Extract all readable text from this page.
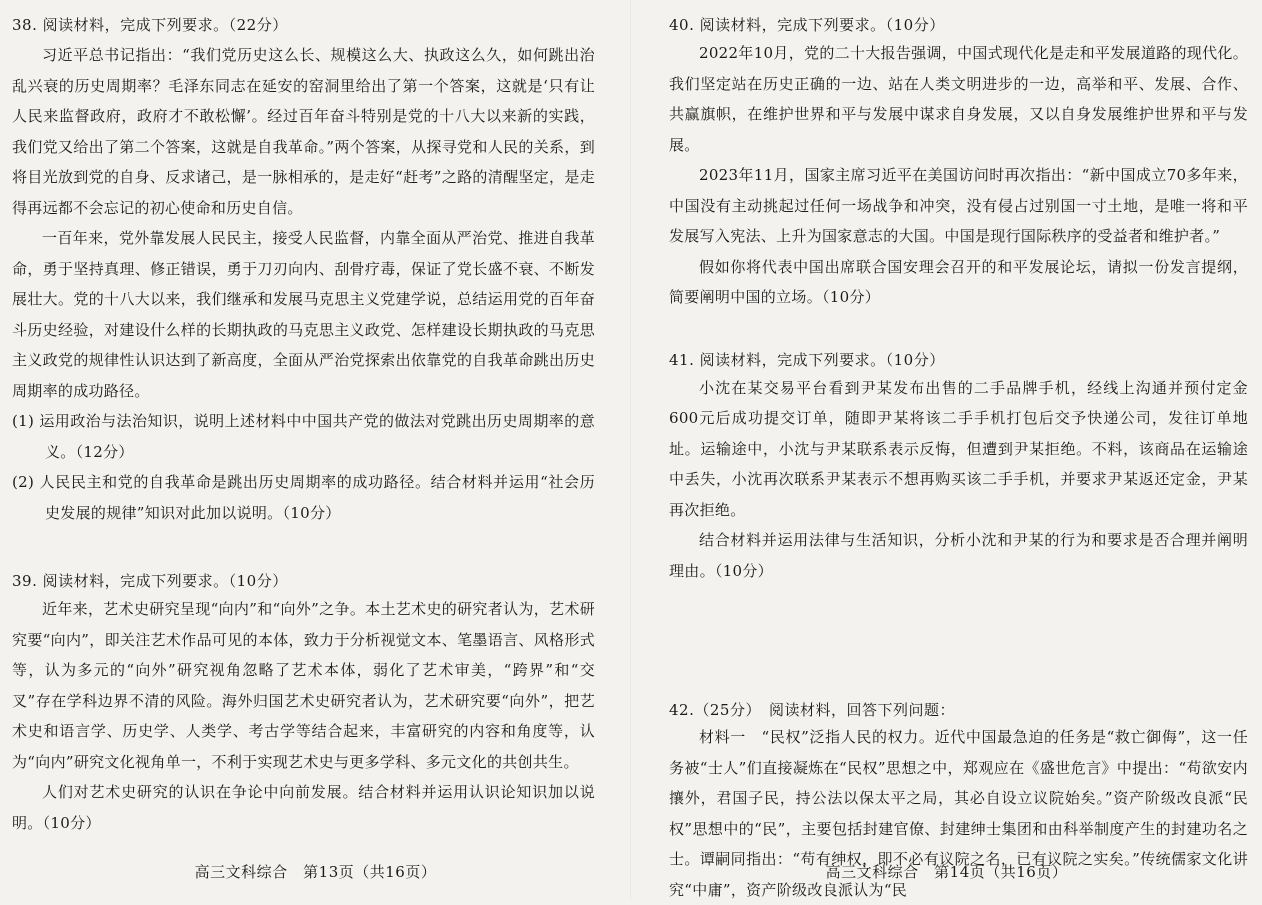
38. 阅读材料，完成下列要求。（22分）

习近平总书记指出：“我们党历史这么长、规模这么大、执政这么久，如何跳出治乱兴衰的历史周期率？毛泽东同志在延安的窑洞里给出了第一个答案，这就是‘只有让人民来监督政府，政府才不敢松懈’。经过百年奋斗特别是党的十八大以来新的实践，我们党又给出了第二个答案，这就是自我革命。”两个答案，从探寻党和人民的关系，到将目光放到党的自身、反求诸己，是一脉相承的，是走好“赶考”之路的清醒坚定，是走得再远都不会忘记的初心使命和历史自信。

一百年来，党外靠发展人民民主，接受人民监督，内靠全面从严治党、推进自我革命，勇于坚持真理、修正错误，勇于刀刃向内、刮骨疗毒，保证了党长盛不衰、不断发展壮大。党的十八大以来，我们继承和发展马克思主义党建学说，总结运用党的百年奋斗历史经验，对建设什么样的长期执政的马克思主义政党、怎样建设长期执政的马克思主义政党的规律性认识达到了新高度，全面从严治党探索出依靠党的自我革命跳出历史周期率的成功路径。

(1) 运用政治与法治知识，说明上述材料中中国共产党的做法对党跳出历史周期率的意义。（12分）

(2) 人民民主和党的自我革命是跳出历史周期率的成功路径。结合材料并运用“社会历史发展的规律”知识对此加以说明。（10分）

39. 阅读材料，完成下列要求。（10分）

近年来，艺术史研究呈现“向内”和“向外”之争。本土艺术史的研究者认为，艺术研究要“向内”，即关注艺术作品可见的本体，致力于分析视觉文本、笔墨语言、风格形式等，认为多元的“向外”研究视角忽略了艺术本体，弱化了艺术审美，“跨界”和“交叉”存在学科边界不清的风险。海外归国艺术史研究者认为，艺术研究要“向外”，把艺术史和语言学、历史学、人类学、考古学等结合起来，丰富研究的内容和角度等，认为“向内”研究文化视角单一，不利于实现艺术史与更多学科、多元文化的共创共生。

人们对艺术史研究的认识在争论中向前发展。结合材料并运用认识论知识加以说明。（10分）

高三文科综合　第13页（共16页）

40. 阅读材料，完成下列要求。（10分）

2022年10月，党的二十大报告强调，中国式现代化是走和平发展道路的现代化。我们坚定站在历史正确的一边、站在人类文明进步的一边，高举和平、发展、合作、共赢旗帜，在维护世界和平与发展中谋求自身发展，又以自身发展维护世界和平与发展。

2023年11月，国家主席习近平在美国访问时再次指出：“新中国成立70多年来，中国没有主动挑起过任何一场战争和冲突，没有侵占过别国一寸土地，是唯一将和平发展写入宪法、上升为国家意志的大国。中国是现行国际秩序的受益者和维护者。”

假如你将代表中国出席联合国安理会召开的和平发展论坛，请拟一份发言提纲，简要阐明中国的立场。（10分）

41. 阅读材料，完成下列要求。（10分）

小沈在某交易平台看到尹某发布出售的二手品牌手机，经线上沟通并预付定金600元后成功提交订单，随即尹某将该二手手机打包后交予快递公司，发往订单地址。运输途中，小沈与尹某联系表示反悔，但遭到尹某拒绝。不料，该商品在运输途中丢失，小沈再次联系尹某表示不想再购买该二手手机，并要求尹某返还定金，尹某再次拒绝。

结合材料并运用法律与生活知识，分析小沈和尹某的行为和要求是否合理并阐明理由。（10分）

42.（25分）　阅读材料，回答下列问题：

材料一　“民权”泛指人民的权力。近代中国最急迫的任务是“救亡御侮”，这一任务被“士人”们直接凝炼在“民权”思想之中，郑观应在《盛世危言》中提出：“苟欲安内攘外，君国子民，持公法以保太平之局，其必自设立议院始矣。”资产阶级改良派“民权”思想中的“民”，主要包括封建官僚、封建绅士集团和由科举制度产生的封建功名之士。谭嗣同指出：“苟有绅权，即不必有议院之名，已有议院之实矣。”传统儒家文化讲究“中庸”，资产阶级改良派认为“民

高三文科综合　第14页（共16页）
